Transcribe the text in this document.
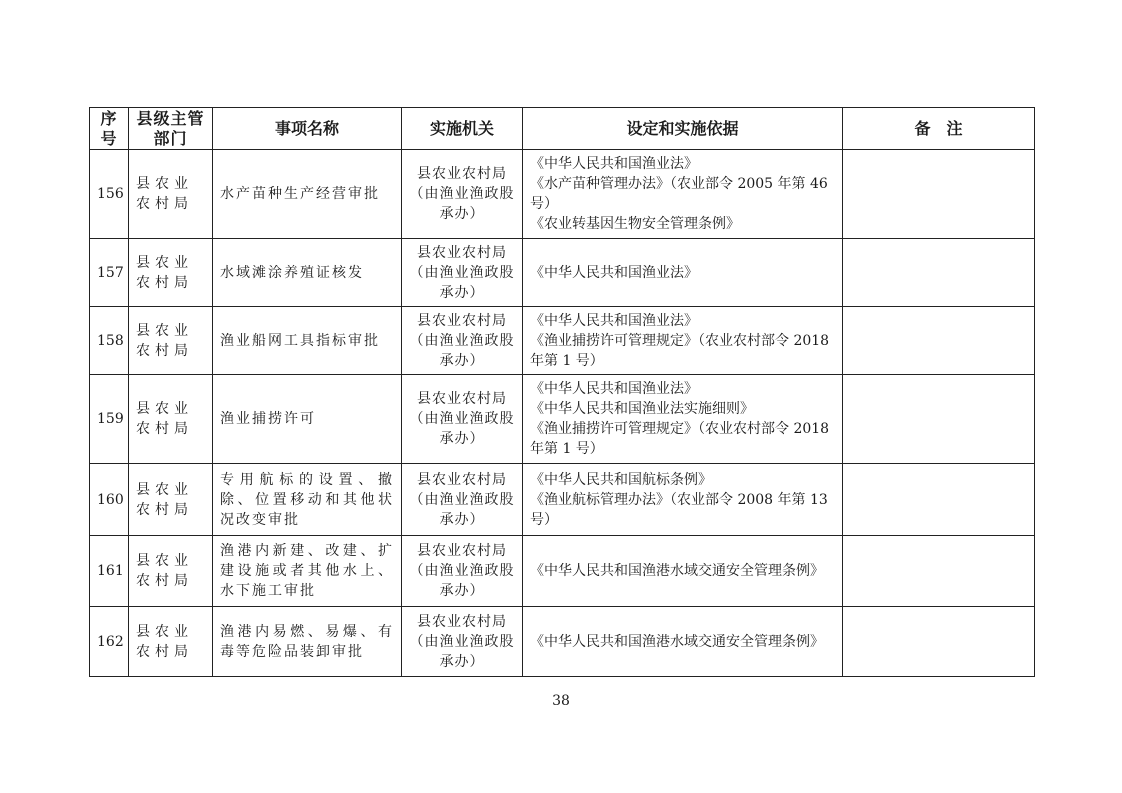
序号	县级主管部门	事项名称	实施机关	设定和实施依据	备　注
156	县农业农村局	水产苗种生产经营审批	县农业农村局（由渔业渔政股承办）	《中华人民共和国渔业法》
《水产苗种管理办法》（农业部令 2005 年第 46 号）
《农业转基因生物安全管理条例》	

157	县农业农村局	水域滩涂养殖证核发	县农业农村局（由渔业渔政股承办）	《中华人民共和国渔业法》	

158	县农业农村局	渔业船网工具指标审批	县农业农村局（由渔业渔政股承办）	《中华人民共和国渔业法》
《渔业捕捞许可管理规定》（农业农村部令 2018 年第 1 号）	

159	县农业农村局	渔业捕捞许可	县农业农村局（由渔业渔政股承办）	《中华人民共和国渔业法》
《中华人民共和国渔业法实施细则》
《渔业捕捞许可管理规定》（农业农村部令 2018 年第 1 号）	

160	县农业农村局	专用航标的设置、撤除、位置移动和其他状况改变审批	县农业农村局（由渔业渔政股承办）	《中华人民共和国航标条例》
《渔业航标管理办法》（农业部令 2008 年第 13 号）	

161	县农业农村局	渔港内新建、改建、扩建设施或者其他水上、水下施工审批	县农业农村局（由渔业渔政股承办）	《中华人民共和国渔港水域交通安全管理条例》	

162	县农业农村局	渔港内易燃、易爆、有毒等危险品装卸审批	县农业农村局（由渔业渔政股承办）	《中华人民共和国渔港水域交通安全管理条例》	

38
